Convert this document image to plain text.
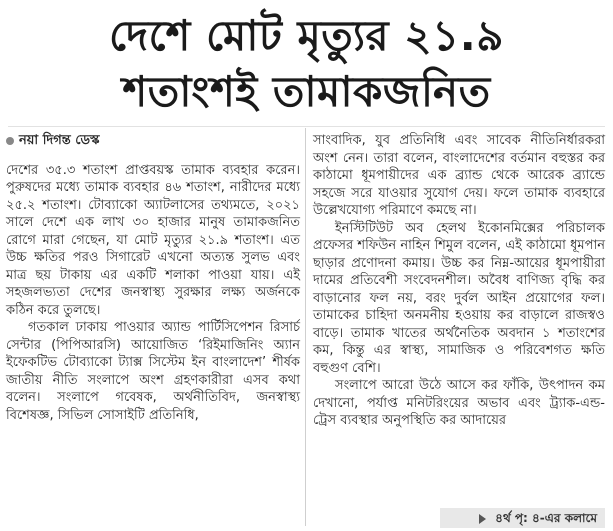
দেশে মোট মৃত্যুর ২১.৯
শতাংশই তামাকজনিত
নয়া দিগন্ত ডেস্ক

দেশের ৩৫.৩ শতাংশ প্রাপ্তবয়স্ক তামাক ব্যবহার করেন। পুরুষদের মধ্যে তামাক ব্যবহার ৪৬ শতাংশ, নারীদের মধ্যে ২৫.২ শতাংশ। টোব্যাকো অ্যাটলাসের তথ্যমতে, ২০২১ সালে দেশে এক লাখ ৩০ হাজার মানুষ তামাকজনিত রোগে মারা গেছেন, যা মোট মৃত্যুর ২১.৯ শতাংশ। এত উচ্চ ক্ষতির পরও সিগারেট এখনো অত্যন্ত সুলভ এবং মাত্র ছয় টাকায় এর একটি শলাকা পাওয়া যায়। এই সহজলভ্যতা দেশের জনস্বাস্থ্য সুরক্ষার লক্ষ্য অর্জনকে কঠিন করে তুলছে।

গতকাল ঢাকায় পাওয়ার অ্যান্ড পার্টিসিপেশন রিসার্চ সেন্টার (পিপিআরসি) আয়োজিত ‘রিইমাজিনিং অ্যান ইফেকটিভ টোব্যাকো ট্যাক্স সিস্টেম ইন বাংলাদেশ’ শীর্ষক জাতীয় নীতি সংলাপে অংশ গ্রহণকারীরা এসব কথা বলেন। সংলাপে গবেষক, অর্থনীতিবিদ, জনস্বাস্থ্য বিশেষজ্ঞ, সিভিল সোসাইটি প্রতিনিধি,

সাংবাদিক, যুব প্রতিনিধি এবং সাবেক নীতিনির্ধারকরা অংশ নেন। তারা বলেন, বাংলাদেশের বর্তমান বহুস্তর কর কাঠামো ধূমপায়ীদের এক ব্র্যান্ড থেকে আরেক ব্র্যান্ডে সহজে সরে যাওয়ার সুযোগ দেয়। ফলে তামাক ব্যবহারে উল্লেখযোগ্য পরিমাণে কমছে না।

ইনস্টিটিউট অব হেলথ ইকোনমিক্সের পরিচালক প্রফেসর শফিউন নাহিন শিমুল বলেন, এই কাঠামো ধূমপান ছাড়ার প্রণোদনা কমায়। উচ্চ কর নিম্ন-আয়ের ধূমপায়ীরা দামের প্রতিবেশী সংবেদনশীল। অবৈধ বাণিজ্য বৃদ্ধি কর বাড়ানোর ফল নয়, বরং দুর্বল আইন প্রয়োগের ফল। তামাকের চাহিদা অনমনীয় হওয়ায় কর বাড়ালে রাজস্বও বাড়ে। তামাক খাতের অর্থনৈতিক অবদান ১ শতাংশের কম, কিন্তু এর স্বাস্থ্য, সামাজিক ও পরিবেশগত ক্ষতি বহুগুণ বেশি।

সংলাপে আরো উঠে আসে কর ফাঁকি, উৎপাদন কম দেখানো, পর্যাপ্ত মনিটরিংয়ের অভাব এবং ট্র্যাক-এন্ড-ট্রেস ব্যবস্থার অনুপস্থিতি কর আদায়ের

৪র্থ পৃ: ৪-এর কলামে
